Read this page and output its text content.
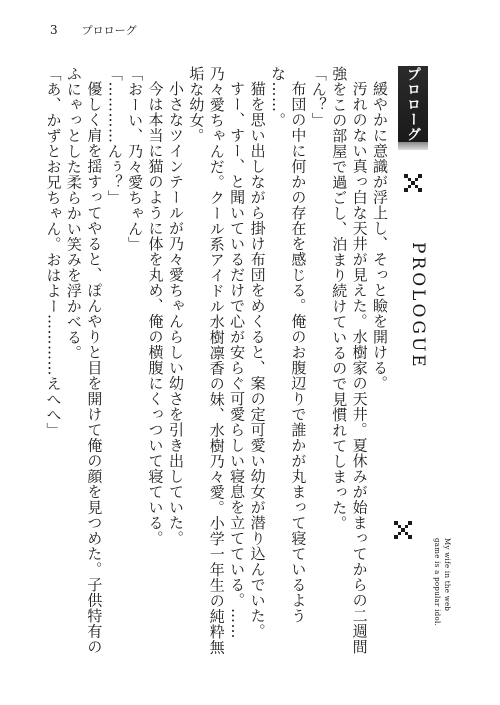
3 プロローグ

緩やかに意識が浮上し、そっと瞼を開ける。

汚れのない真っ白な天井が見えた。水樹家の天井。夏休みが始まってからの二週間強をこの部屋で過ごし、泊まり続けているので見慣れてしまった。

「ん？」

布団の中に何かの存在を感じる。俺のお腹辺りで誰かが丸まって寝ているような……。

猫を思い出しながら掛け布団をめくると、案の定可愛い幼女が潜り込んでいた。

すー、すー、と聞いているだけで心が安らぐ可愛らしい寝息を立てている。……乃々愛ちゃんだ。クール系アイドル水樹凛香の妹、水樹乃々愛。小学一年生の純粋無垢な幼女。

小さなツインテールが乃々愛ちゃんらしい幼さを引き出していた。

今は本当に猫のように体を丸め、俺の横腹にくっついて寝ている。

「おーい、乃々愛ちゃん」

「…………んぅ？」

優しく肩を揺すってやると、ぽんやりと目を開けて俺の顔を見つめた。子供特有のふにゃっとした柔らかい笑みを浮かべる。

「あ、かずとお兄ちゃん。おはよー…………えへへ」	プロローグ
PROLOGUE
My wife in the web
game is a popular idol.
